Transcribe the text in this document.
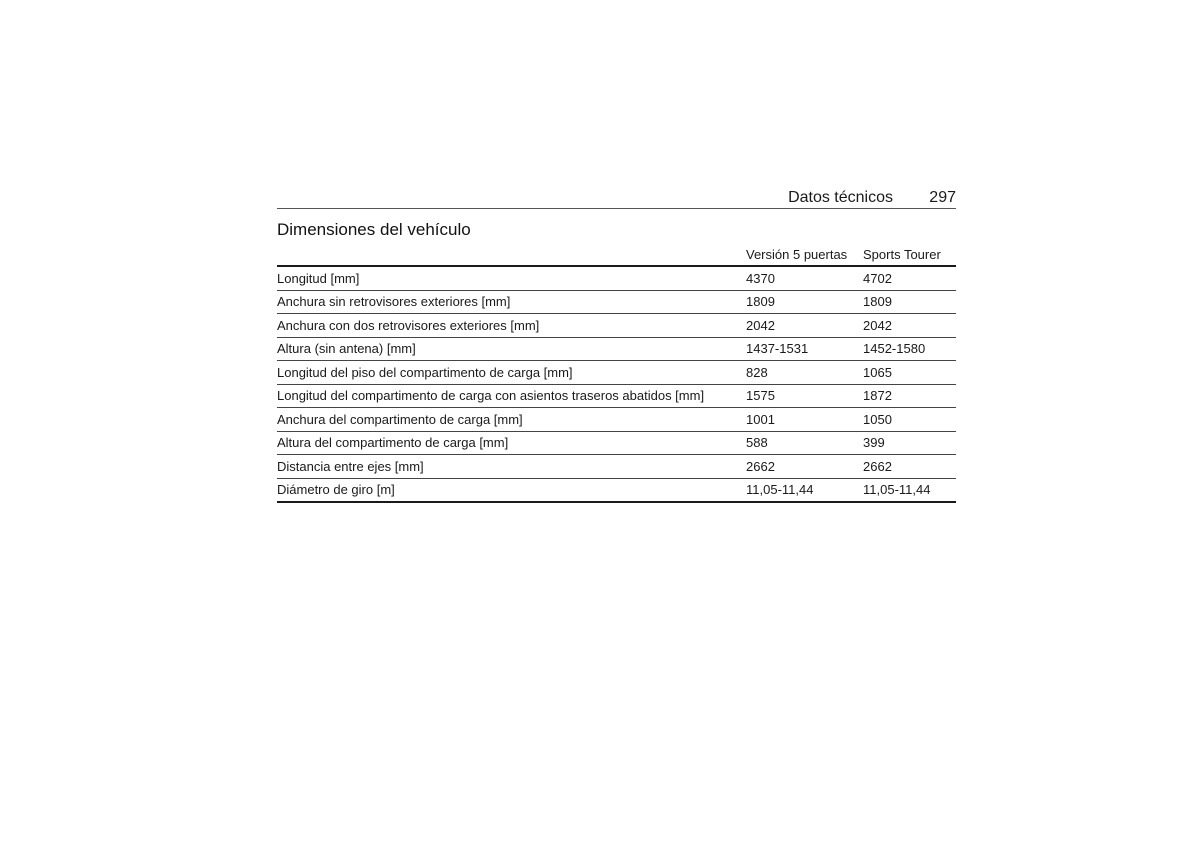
Datos técnicos 297
Dimensiones del vehículo
	Versión 5 puertas	Sports Tourer
Longitud [mm]	4370	4702
Anchura sin retrovisores exteriores [mm]	1809	1809
Anchura con dos retrovisores exteriores [mm]	2042	2042
Altura (sin antena) [mm]	1437-1531	1452-1580
Longitud del piso del compartimento de carga [mm]	828	1065
Longitud del compartimento de carga con asientos traseros abatidos [mm]	1575	1872
Anchura del compartimento de carga [mm]	1001	1050
Altura del compartimento de carga [mm]	588	399
Distancia entre ejes [mm]	2662	2662
Diámetro de giro [m]	11,05-11,44	11,05-11,44
